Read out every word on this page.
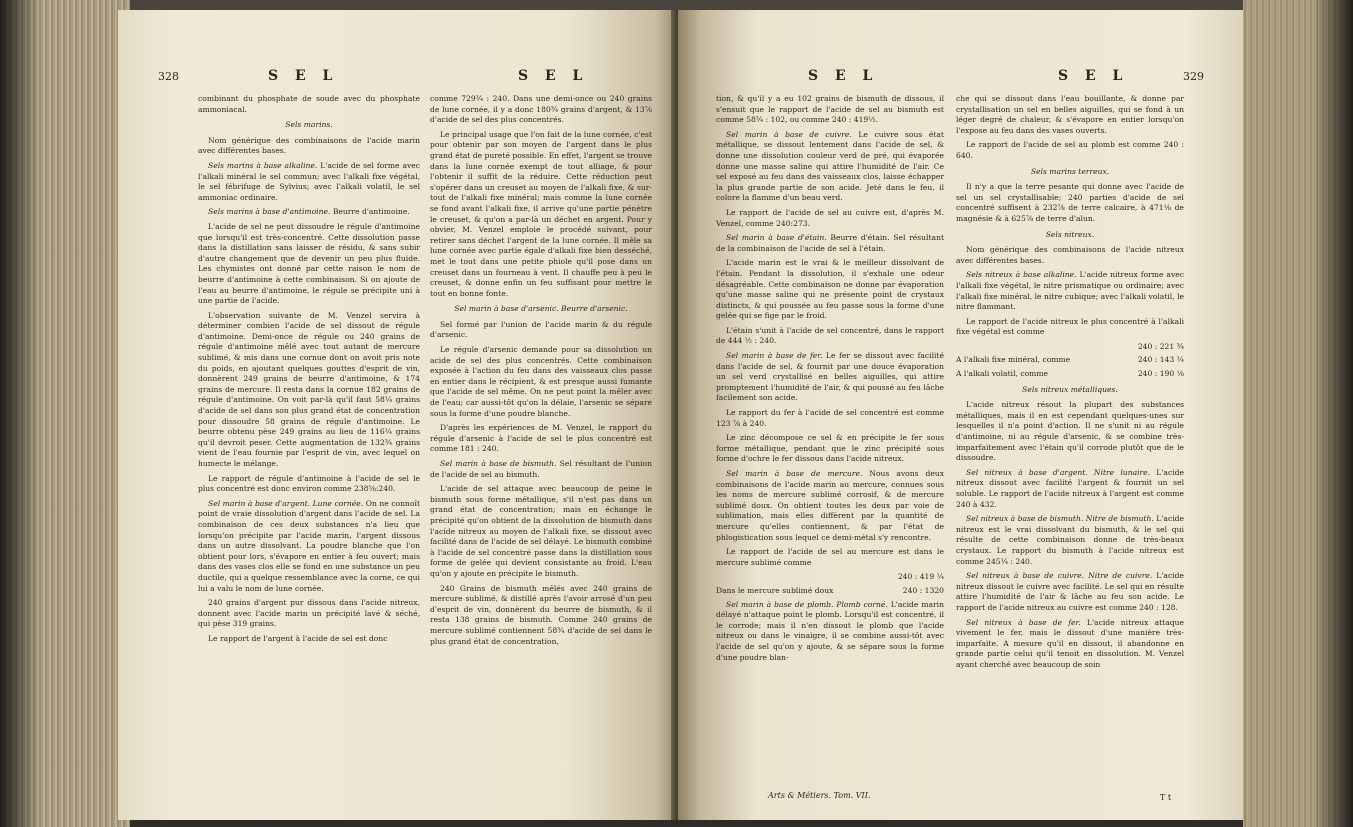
328	S E L	S E L

combinant du phosphate de soude avec du phosphate ammoniacal.

Sels marins.

Nom générique des combinaisons de l'acide marin avec différentes bases.

Sels marins à base alkaline. L'acide de sel forme avec l'alkali minéral le sel commun; avec l'alkali fixe végétal, le sel fébrifuge de Sylvius; avec l'alkali volatil, le sel ammoniac ordinaire.

Sels marins à base d'antimoine. Beurre d'antimoine.

L'acide de sel ne peut dissoudre le régule d'antimoine que lorsqu'il est très-concentré. Cette dissolution passe dans la distillation sans laisser de résidu, & sans subir d'autre changement que de devenir un peu plus fluide. Les chymistes ont donné par cette raison le nom de beurre d'antimoine à cette combinaison. Si on ajoute de l'eau au beurre d'antimoine, le régule se précipite uni à une partie de l'acide.

L'observation suivante de M. Venzel servira à déterminer combien l'acide de sel dissout de régule d'antimoine. Demi-once de régule ou 240 grains de régule d'antimoine mêlé avec tout autant de mercure sublimé, & mis dans une cornue dont on avoit pris note du poids, en ajoutant quelques gouttes d'esprit de vin, donnèrent 249 grains de beurre d'antimoine, & 174 grains de mercure. Il resta dans la cornue 182 grains de régule d'antimoine. On voit par-là qu'il faut 58¼ grains d'acide de sel dans son plus grand état de concentration pour dissoudre 58 grains de régule d'antimoine. Le beurre obtenu pèse 249 grains au lieu de 116¼ grains qu'il devroit peser. Cette augmentation de 132¾ grains vient de l'eau fournie par l'esprit de vin, avec lequel on humecte le mélange.

Le rapport de régule d'antimoine à l'acide de sel le plus concentré est donc environ comme 238⅝:240.

Sel marin à base d'argent. Lune cornée. On ne connoît point de vraie dissolution d'argent dans l'acide de sel. La combinaison de ces deux substances n'a lieu que lorsqu'on précipite par l'acide marin, l'argent dissous dans un autre dissolvant. La poudre blanche que l'on obtient pour lors, s'évapore en entier à feu ouvert; mais dans des vases clos elle se fond en une substance un peu ductile, qui a quelque ressemblance avec la corne, ce qui lui a valu le nom de lune cornée.

240 grains d'argent pur dissous dans l'acide nitreux, donnent avec l'acide marin un précipité lavé & séché, qui pèse 319 grains.

Le rapport de l'argent à l'acide de sel est donc

comme 729¾ : 240. Dans une demi-once ou 240 grains de lune cornée, il y a donc 180¾ grains d'argent, & 13⅞ d'acide de sel des plus concentrés.

Le principal usage que l'on fait de la lune cornée, c'est pour obtenir par son moyen de l'argent dans le plus grand état de pureté possible. En effet, l'argent se trouve dans la lune cornée exempt de tout alliage, & pour l'obtenir il suffit de la réduire. Cette réduction peut s'opérer dans un creuset au moyen de l'alkali fixe, & sur-tout de l'alkali fixe minéral; mais comme la lune cornée se fond avant l'alkali fixe, il arrive qu'une partie pénètre le creuset, & qu'on a par-là un déchet en argent. Pour y obvier, M. Venzel emploie le procédé suivant, pour retirer sans déchet l'argent de la lune cornée. Il mêle sa lune cornée avec partie égale d'alkali fixe bien desséché, met le tout dans une petite phiole qu'il pose dans un creuset dans un fourneau à vent. Il chauffe peu à peu le creuset, & donne enfin un feu suffisant pour mettre le tout en bonne fonte.

Sel marin à base d'arsenic. Beurre d'arsenic.

Sel formé par l'union de l'acide marin & du régule d'arsenic.

Le régule d'arsenic demande pour sa dissolution un acide de sel des plus concentrés. Cette combinaison exposée à l'action du feu dans des vaisseaux clos passe en entier dans le récipient, & est presque aussi fumante que l'acide de sel même. On ne peut point la mêler avec de l'eau; car aussi-tôt qu'on la délaie, l'arsenic se sépare sous la forme d'une poudre blanche.

D'après les expériences de M. Venzel, le rapport du régule d'arsenic à l'acide de sel le plus concentré est comme 181 : 240.

Sel marin à base de bismuth. Sel résultant de l'union de l'acide de sel au bismuth.

L'acide de sel attaque avec beaucoup de peine le bismuth sous forme métallique, s'il n'est pas dans un grand état de concentration; mais en échange le précipité qu'on obtient de la dissolution de bismuth dans l'acide nitreux au moyen de l'alkali fixe, se dissout avec facilité dans de l'acide de sel délayé. Le bismuth combiné à l'acide de sel concentré passe dans la distillation sous forme de gelée qui devient consistante au froid. L'eau qu'on y ajoute en précipite le bismuth.

240 Grains de bismuth mêlés avec 240 grains de mercure sublimé, & distillé après l'avoir arrosé d'un peu d'esprit de vin, donnèrent du beurre de bismuth, & il resta 138 grains de bismuth. Comme 240 grains de mercure sublimé contiennent 58¾ d'acide de sel dans le plus grand état de concentration,

S E L	S E L	329

tion, & qu'il y a eu 102 grains de bismuth de dissous, il s'ensuit que le rapport de l'acide de sel au bismuth est comme 58¾ : 102, ou comme 240 : 419½.

Sel marin à base de cuivre. Le cuivre sous état métallique, se dissout lentement dans l'acide de sel, & donne une dissolution couleur verd de pré, qui évaporée donne une masse saline qui attire l'humidité de l'air. Ce sel exposé au feu dans des vaisseaux clos, laisse échapper la plus grande partie de son acide. Jeté dans le feu, il colore la flamme d'un beau verd.

Le rapport de l'acide de sel au cuivre est, d'après M. Venzel, comme 240:273.

Sel marin à base d'étain. Beurre d'étain. Sel résultant de la combinaison de l'acide de sel à l'étain.

L'acide marin est le vrai & le meilleur dissolvant de l'étain. Pendant la dissolution, il s'exhale une odeur désagréable. Cette combinaison ne donne par évaporation qu'une masse saline qui ne présente point de crystaux distincts, & qui poussée au feu passe sous la forme d'une gelée qui se fige par le froid.

L'étain s'unit à l'acide de sel concentré, dans le rapport de 444 ½ : 240.

Sel marin à base de fer. Le fer se dissout avec facilité dans l'acide de sel, & fournit par une douce évaporation un sel verd crystallisé en belles aiguilles, qui attire promptement l'humidité de l'air, & qui poussé au feu lâche facilement son acide.

Le rapport du fer à l'acide de sel concentré est comme 123 ⅞ à 240.

Le zinc décompose ce sel & en précipite le fer sous forme métallique, pendant que le zinc précipité sous forme d'ochre le fer dissous dans l'acide nitreux.

Sel marin à base de mercure. Nous avons deux combinaisons de l'acide marin au mercure, connues sous les noms de mercure sublimé corrosif, & de mercure sublimé doux. On obtient toutes les deux par voie de sublimation, mais elles diffèrent par la quantité de mercure qu'elles contiennent, & par l'état de phlogistication sous lequel ce demi-métal s'y rencontre.

Le rapport de l'acide de sel au mercure est dans le mercure sublimé comme

240 : 419 ¼
Dans le mercure sublimé doux	240 : 1320

Sel marin à base de plomb. Plomb corné. L'acide marin délayé n'attaque point le plomb. Lorsqu'il est concentré, il le corrode; mais il n'en dissout le plomb que l'acide nitreux ou dans le vinaigre, il se combine aussi-tôt avec l'acide de sel qu'on y ajoute, & se sépare sous la forme d'une poudre blan-

che qui se dissout dans l'eau bouillante, & donne par crystallisation un sel en belles aiguilles, qui se fond à un léger degré de chaleur, & s'évapore en entier lorsqu'on l'expose au feu dans des vases ouverts.

Le rapport de l'acide de sel au plomb est comme 240 : 640.

Sels marins terreux.

Il n'y a que la terre pesante qui donne avec l'acide de sel un sel crystallisable; 240 parties d'acide de sel concentré suffisent à 232⅞ de terre calcaire, à 471⅛ de magnésie & à 625⅞ de terre d'alun.

Sels nitreux.

Nom générique des combinaisons de l'acide nitreux avec différentes bases.

Sels nitreux à base alkaline. L'acide nitreux forme avec l'alkali fixe végétal, le nitre prismatique ou ordinaire; avec l'alkali fixe minéral, le nitre cubique; avec l'alkali volatil, le nitre flammant.

Le rapport de l'acide nitreux le plus concentré à l'alkali fixe végétal est comme

240 : 221 ¾
A l'alkali fixe minéral, comme	240 : 143 ¼
A l'alkali volatil, comme	240 : 190 ⅛

Sels nitreux métalliques.

L'acide nitreux résout la plupart des substances métalliques, mais il en est cependant quelques-unes sur lesquelles il n'a point d'action. Il ne s'unit ni au régule d'antimoine, ni au régule d'arsenic, & se combine très-imparfaitement avec l'étain qu'il corrode plutôt que de le dissoudre.

Sel nitreux à base d'argent. Nitre lunaire. L'acide nitreux dissout avec facilité l'argent & fournit un sel soluble. Le rapport de l'acide nitreux à l'argent est comme 240 à 432.

Sel nitreux à base de bismuth. Nitre de bismuth. L'acide nitreux est le vrai dissolvant du bismuth, & le sel qui résulte de cette combinaison donne de très-beaux crystaux. Le rapport du bismuth à l'acide nitreux est comme 245¼ : 240.

Sel nitreux à base de cuivre. Nitre de cuivre. L'acide nitreux dissout le cuivre avec facilité. Le sel qui en résulte attire l'humidité de l'air & lâche au feu son acide. Le rapport de l'acide nitreux au cuivre est comme 240 : 128.

Sel nitreux à base de fer. L'acide nitreux attaque vivement le fer, mais le dissout d'une manière très-imparfaite. A mesure qu'il en dissout, il abandonne en grande partie celui qu'il tenoit en dissolution. M. Venzel ayant cherché avec beaucoup de soin

Arts & Métiers. Tom. VII.	T t
